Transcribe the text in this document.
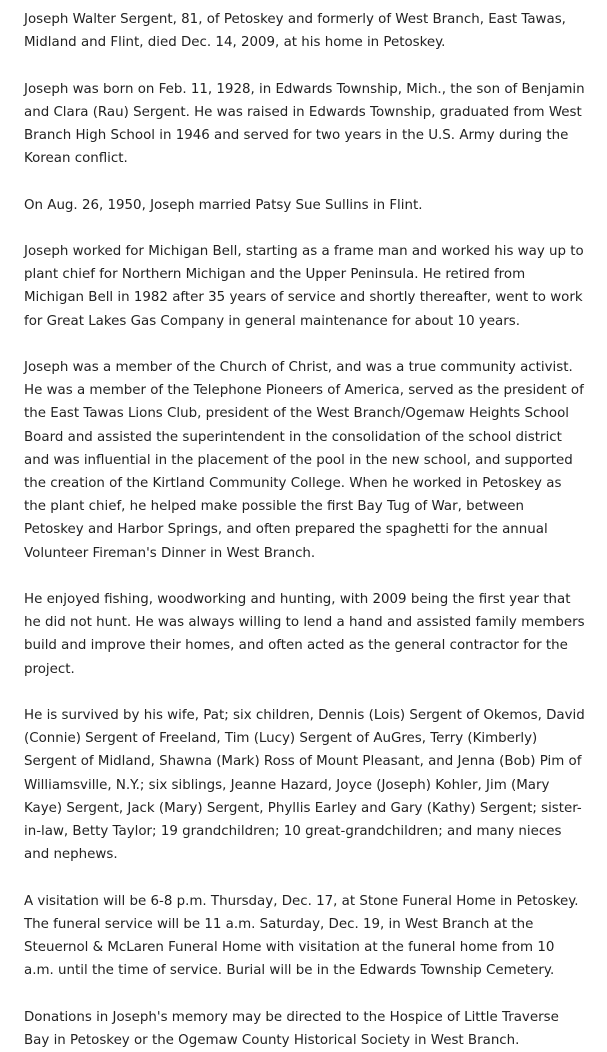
Joseph Walter Sergent, 81, of Petoskey and formerly of West Branch, East Tawas, Midland and Flint, died Dec. 14, 2009, at his home in Petoskey.

Joseph was born on Feb. 11, 1928, in Edwards Township, Mich., the son of Benjamin and Clara (Rau) Sergent. He was raised in Edwards Township, graduated from West Branch High School in 1946 and served for two years in the U.S. Army during the Korean conflict.

On Aug. 26, 1950, Joseph married Patsy Sue Sullins in Flint.

Joseph worked for Michigan Bell, starting as a frame man and worked his way up to plant chief for Northern Michigan and the Upper Peninsula. He retired from Michigan Bell in 1982 after 35 years of service and shortly thereafter, went to work for Great Lakes Gas Company in general maintenance for about 10 years.

Joseph was a member of the Church of Christ, and was a true community activist. He was a member of the Telephone Pioneers of America, served as the president of the East Tawas Lions Club, president of the West Branch/Ogemaw Heights School Board and assisted the superintendent in the consolidation of the school district and was influential in the placement of the pool in the new school, and supported the creation of the Kirtland Community College. When he worked in Petoskey as the plant chief, he helped make possible the first Bay Tug of War, between Petoskey and Harbor Springs, and often prepared the spaghetti for the annual Volunteer Fireman's Dinner in West Branch.

He enjoyed fishing, woodworking and hunting, with 2009 being the first year that he did not hunt. He was always willing to lend a hand and assisted family members build and improve their homes, and often acted as the general contractor for the project.

He is survived by his wife, Pat; six children, Dennis (Lois) Sergent of Okemos, David (Connie) Sergent of Freeland, Tim (Lucy) Sergent of AuGres, Terry (Kimberly) Sergent of Midland, Shawna (Mark) Ross of Mount Pleasant, and Jenna (Bob) Pim of Williamsville, N.Y.; six siblings, Jeanne Hazard, Joyce (Joseph) Kohler, Jim (Mary Kaye) Sergent, Jack (Mary) Sergent, Phyllis Earley and Gary (Kathy) Sergent; sister-in-law, Betty Taylor; 19 grandchildren; 10 great-grandchildren; and many nieces and nephews.

A visitation will be 6-8 p.m. Thursday, Dec. 17, at Stone Funeral Home in Petoskey. The funeral service will be 11 a.m. Saturday, Dec. 19, in West Branch at the Steuernol & McLaren Funeral Home with visitation at the funeral home from 10 a.m. until the time of service. Burial will be in the Edwards Township Cemetery.

Donations in Joseph's memory may be directed to the Hospice of Little Traverse Bay in Petoskey or the Ogemaw County Historical Society in West Branch.
